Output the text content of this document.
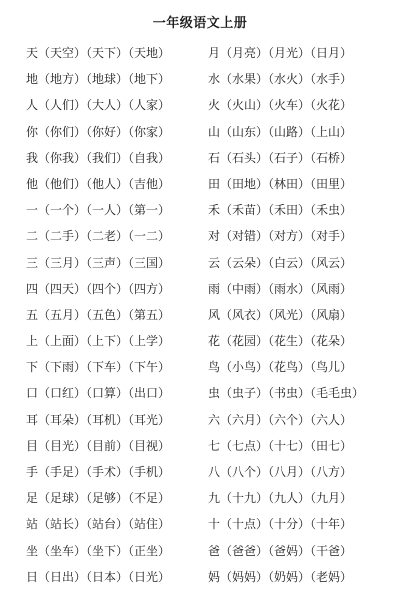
一年级语文上册
天（天空）（天下）（天地）
地（地方）（地球）（地下）
人（人们）（大人）（人家）
你（你们）（你好）（你家）
我（你我）（我们）（自我）
他（他们）（他人）（吉他）
一（一个）（一人）（第一）
二（二手）（二老）（一二）
三（三月）（三声）（三国）
四（四天）（四个）（四方）
五（五月）（五色）（第五）
上（上面）（上下）（上学）
下（下雨）（下车）（下午）
口（口红）（口算）（出口）
耳（耳朵）（耳机）（耳光）
目（目光）（目前）（目视）
手（手足）（手术）（手机）
足（足球）（足够）（不足）
站（站长）（站台）（站住）
坐（坐车）（坐下）（正坐）
日（日出）（日本）（日光）
月（月亮）（月光）（日月）
水（水果）（水火）（水手）
火（火山）（火车）（火花）
山（山东）（山路）（上山）
石（石头）（石子）（石桥）
田（田地）（林田）（田里）
禾（禾苗）（禾田）（禾虫）
对（对错）（对方）（对手）
云（云朵）（白云）（风云）
雨（中雨）（雨水）（风雨）
风（风衣）（风光）（风扇）
花（花园）（花生）（花朵）
鸟（小鸟）（花鸟）（鸟儿）
虫（虫子）（书虫）（毛毛虫）
六（六月）（六个）（六人）
七（七点）（十七）（田七）
八（八个）（八月）（八方）
九（十九）（九人）（九月）
十（十点）（十分）（十年）
爸（爸爸）（爸妈）（干爸）
妈（妈妈）（奶妈）（老妈）
